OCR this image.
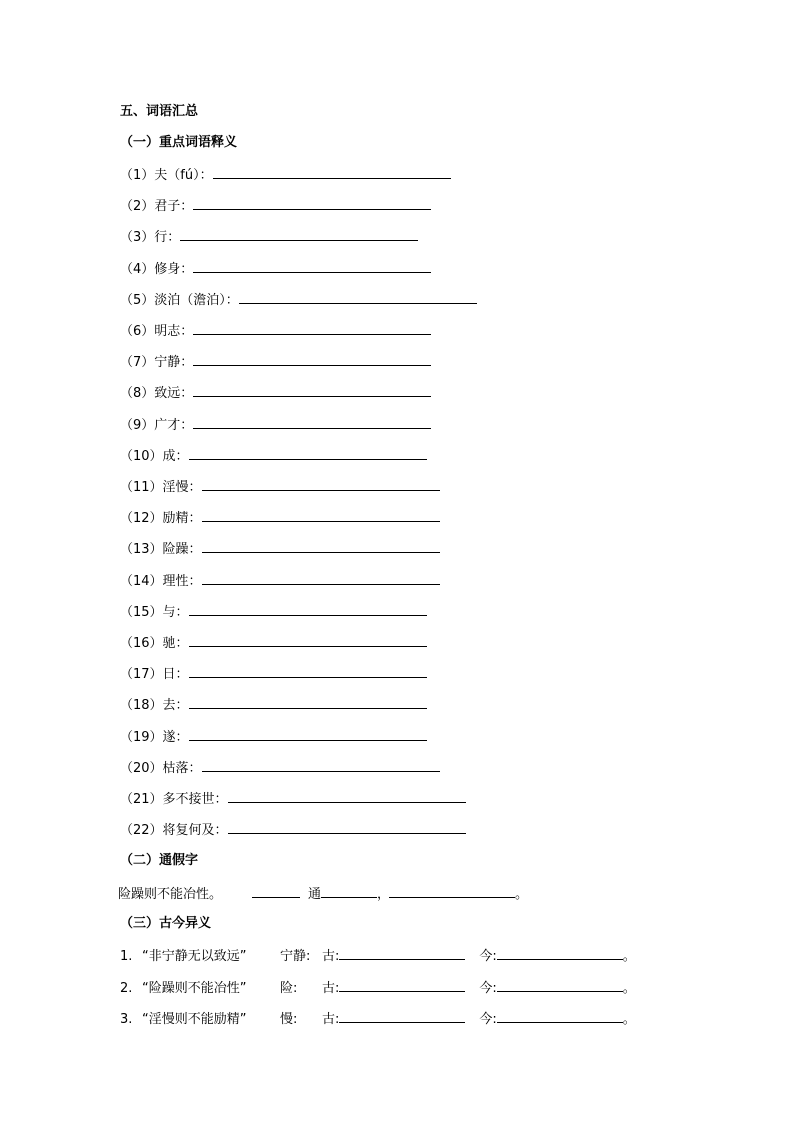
五、词语汇总
（一）重点词语释义
（1）夫（fú）：
（2）君子：
（3）行：
（4）修身：
（5）淡泊（澹泊）：
（6）明志：
（7）宁静：
（8）致远：
（9）广才：
（10）成：
（11）淫慢：
（12）励精：
（13）险躁：
（14）理性：
（15）与：
（16）驰：
（17）日：
（18）去：
（19）遂：
（20）枯落：
（21）多不接世：
（22）将复何及：
（二）通假字
险躁则不能冶性。	通	，	。
（三）古今异义
1. “非宁静无以致远”	宁静: 古:	今:	。
2. “险躁则不能冶性”	险: 古:	今:	。
3. “淫慢则不能励精”	慢: 古:	今:	。
